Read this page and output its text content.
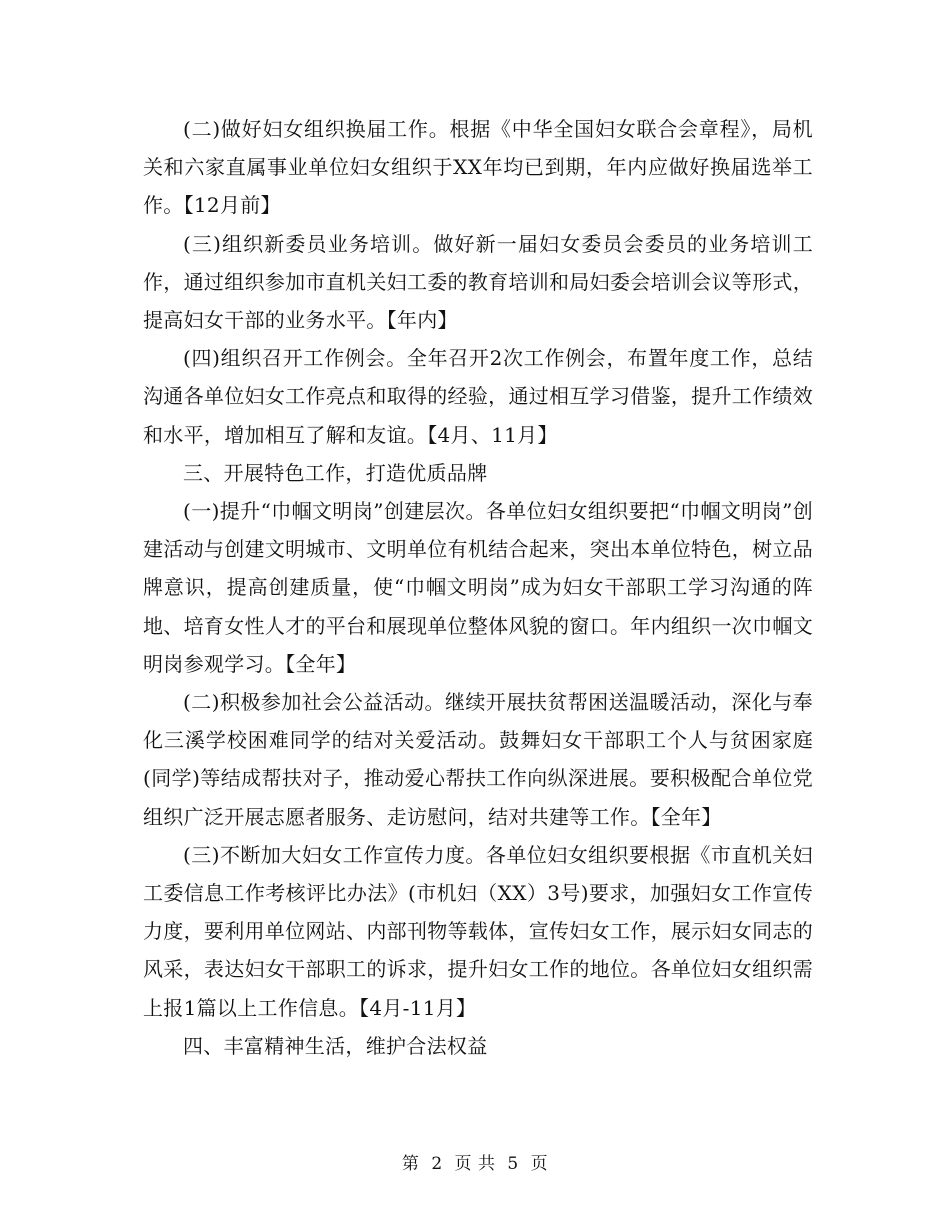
(二)做好妇女组织换届工作。根据《中华全国妇女联合会章程》，局机关和六家直属事业单位妇女组织于XX年均已到期，年内应做好换届选举工作。【12月前】

(三)组织新委员业务培训。做好新一届妇女委员会委员的业务培训工作，通过组织参加市直机关妇工委的教育培训和局妇委会培训会议等形式，提高妇女干部的业务水平。【年内】

(四)组织召开工作例会。全年召开2次工作例会，布置年度工作，总结沟通各单位妇女工作亮点和取得的经验，通过相互学习借鉴，提升工作绩效和水平，增加相互了解和友谊。【4月、11月】

三、开展特色工作，打造优质品牌

(一)提升“巾帼文明岗”创建层次。各单位妇女组织要把“巾帼文明岗”创建活动与创建文明城市、文明单位有机结合起来，突出本单位特色，树立品牌意识，提高创建质量，使“巾帼文明岗”成为妇女干部职工学习沟通的阵地、培育女性人才的平台和展现单位整体风貌的窗口。年内组织一次巾帼文明岗参观学习。【全年】

(二)积极参加社会公益活动。继续开展扶贫帮困送温暖活动，深化与奉化三溪学校困难同学的结对关爱活动。鼓舞妇女干部职工个人与贫困家庭(同学)等结成帮扶对子，推动爱心帮扶工作向纵深进展。要积极配合单位党组织广泛开展志愿者服务、走访慰问，结对共建等工作。【全年】

(三)不断加大妇女工作宣传力度。各单位妇女组织要根据《市直机关妇工委信息工作考核评比办法》(市机妇（XX）3号)要求，加强妇女工作宣传力度，要利用单位网站、内部刊物等载体，宣传妇女工作，展示妇女同志的风采，表达妇女干部职工的诉求，提升妇女工作的地位。各单位妇女组织需上报1篇以上工作信息。【4月-11月】

四、丰富精神生活，维护合法权益

第 2 页 共 5 页
